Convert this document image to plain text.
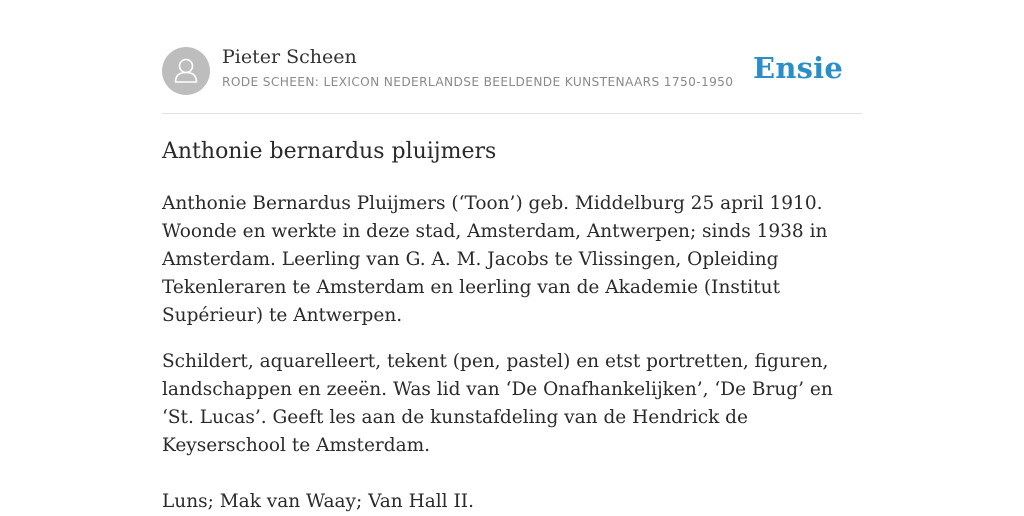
Pieter Scheen
RODE SCHEEN: LEXICON NEDERLANDSE BEELDENDE KUNSTENAARS 1750-1950 Ensie
Anthonie bernardus pluijmers

Anthonie Bernardus Pluijmers (‘Toon’) geb. Middelburg 25 april 1910. Woonde en werkte in deze stad, Amsterdam, Antwerpen; sinds 1938 in Amsterdam. Leerling van G. A. M. Jacobs te Vlissingen, Opleiding Tekenleraren te Amsterdam en leerling van de Akademie (Institut Supérieur) te Antwerpen.

Schildert, aquarelleert, tekent (pen, pastel) en etst portretten, figuren, landschappen en zeeën. Was lid van ‘De Onafhankelijken’, ‘De Brug’ en ‘St. Lucas’. Geeft les aan de kunstafdeling van de Hendrick de Keyserschool te Amsterdam.

Luns; Mak van Waay; Van Hall II.
